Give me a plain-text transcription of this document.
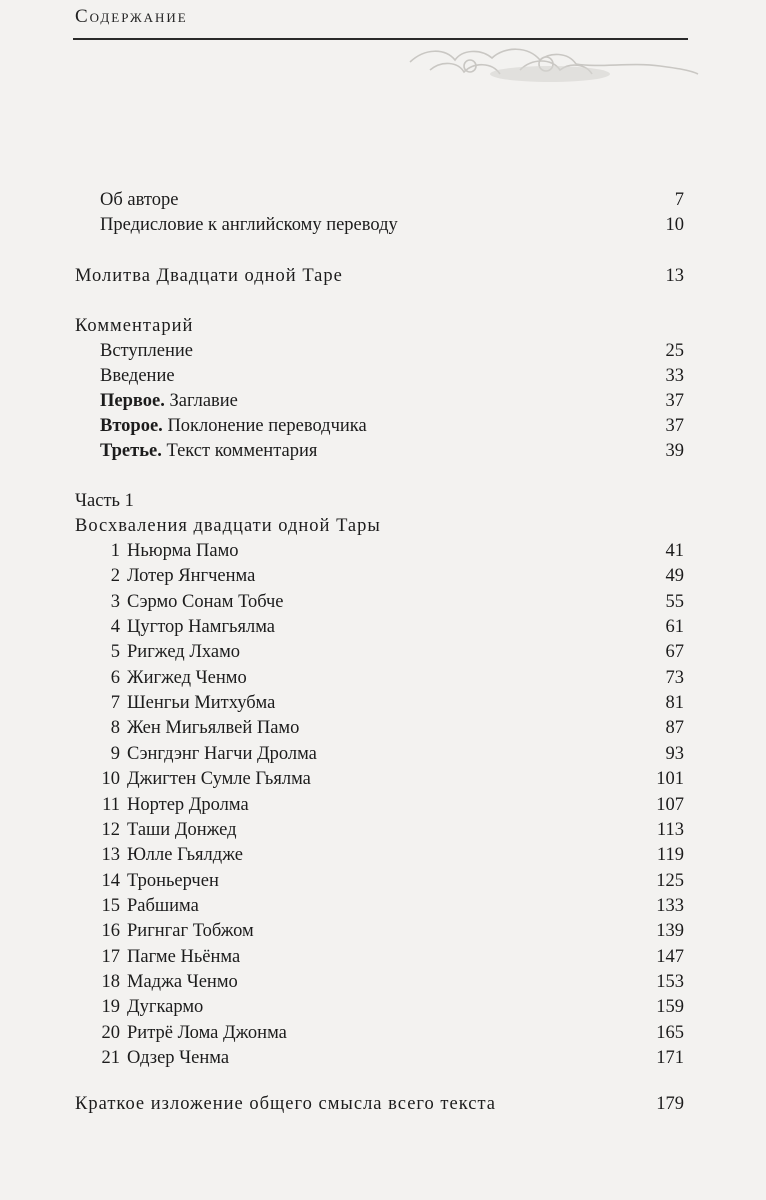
Содержание
Об авторе	7
Предисловие к английскому переводу	10
Молитва Двадцати одной Таре	13
Комментарий
Вступление	25
Введение	33
Первое. Заглавие	37
Второе. Поклонение переводчика	37
Третье. Текст комментария	39
Часть 1
Восхваления двадцати одной Тары
1 Ньюрма Памо	41
2 Лотер Янгченма	49
3 Сэрмо Сонам Тобче	55
4 Цугтор Намгьялма	61
5 Ригжед Лхамо	67
6 Жигжед Ченмо	73
7 Шенгьи Митхубма	81
8 Жен Мигьялвей Памо	87
9 Сэнгдэнг Нагчи Дролма	93
10 Джигтен Сумле Гьялма	101
11 Нортер Дролма	107
12 Таши Донжед	113
13 Юлле Гьялдже	119
14 Троньерчен	125
15 Рабшима	133
16 Ригнгаг Тобжом	139
17 Пагме Ньёнма	147
18 Маджа Ченмо	153
19 Дугкармо	159
20 Ритрё Лома Джонма	165
21 Одзер Ченма	171
Краткое изложение общего смысла всего текста	179
